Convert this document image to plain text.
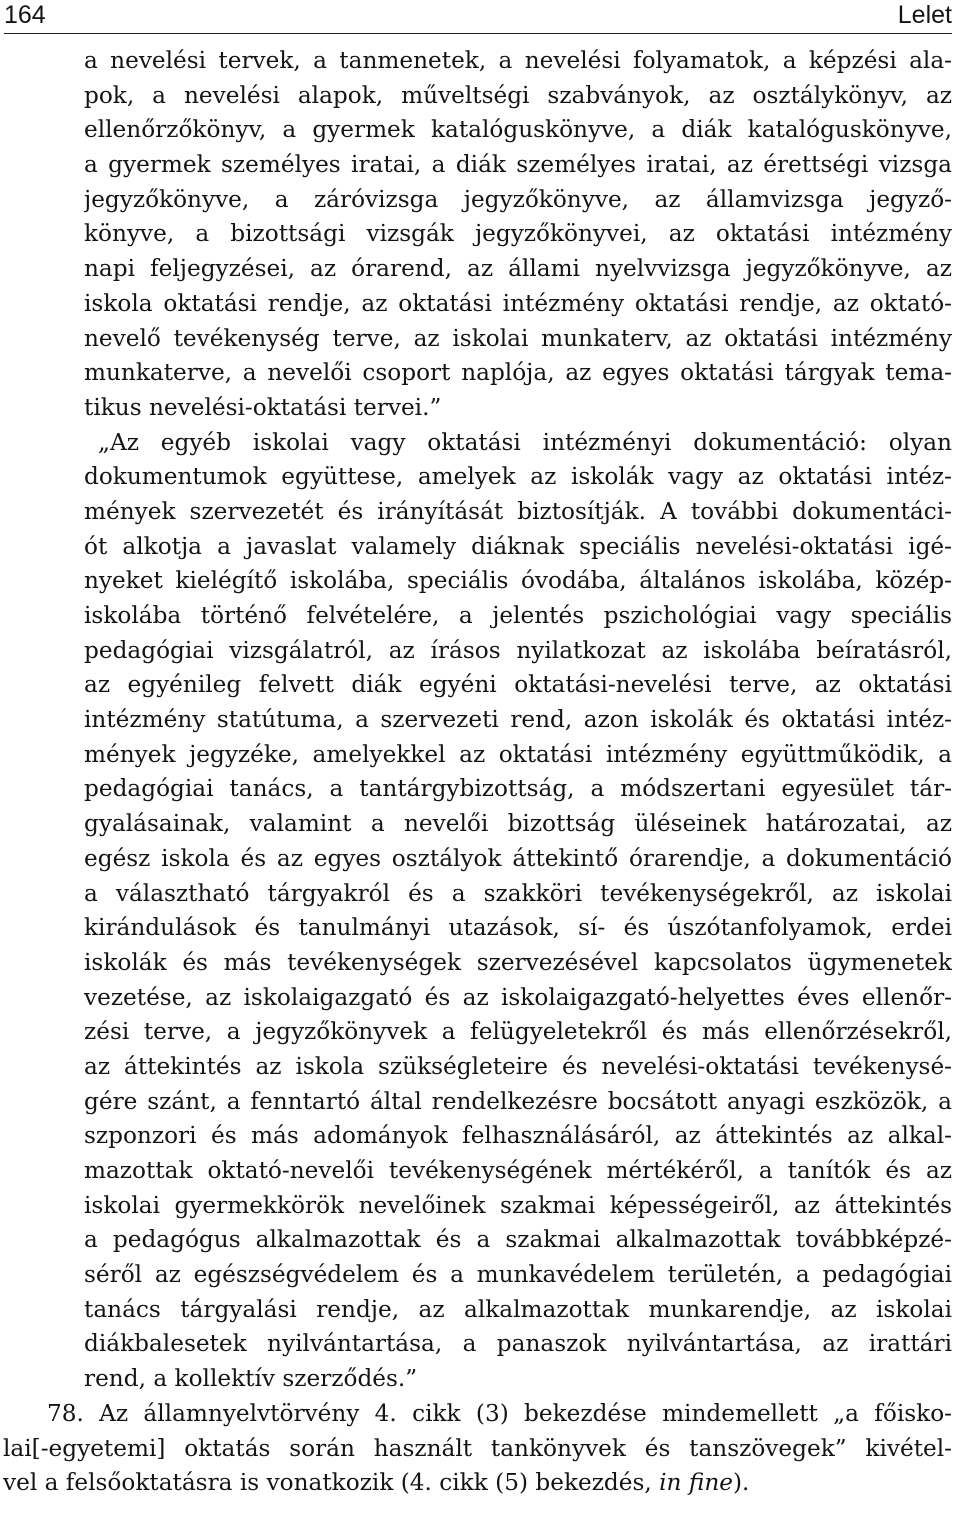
164	Lelet
a nevelési tervek, a tanmenetek, a nevelési folyamatok, a képzési ala-
pok, a nevelési alapok, műveltségi szabványok, az osztálykönyv, az
ellenőrzőkönyv, a gyermek katalóguskönyve, a diák katalóguskönyve,
a gyermek személyes iratai, a diák személyes iratai, az érettségi vizsga
jegyzőkönyve, a záróvizsga jegyzőkönyve, az államvizsga jegyző-
könyve, a bizottsági vizsgák jegyzőkönyvei, az oktatási intézmény
napi feljegyzései, az órarend, az állami nyelvvizsga jegyzőkönyve, az
iskola oktatási rendje, az oktatási intézmény oktatási rendje, az oktató-
nevelő tevékenység terve, az iskolai munkaterv, az oktatási intézmény
munkaterve, a nevelői csoport naplója, az egyes oktatási tárgyak tema-
tikus nevelési-oktatási tervei.”
„Az egyéb iskolai vagy oktatási intézményi dokumentáció: olyan
dokumentumok együttese, amelyek az iskolák vagy az oktatási intéz-
mények szervezetét és irányítását biztosítják. A további dokumentáci-
ót alkotja a javaslat valamely diáknak speciális nevelési-oktatási igé-
nyeket kielégítő iskolába, speciális óvodába, általános iskolába, közép-
iskolába történő felvételére, a jelentés pszichológiai vagy speciális
pedagógiai vizsgálatról, az írásos nyilatkozat az iskolába beíratásról,
az egyénileg felvett diák egyéni oktatási-nevelési terve, az oktatási
intézmény statútuma, a szervezeti rend, azon iskolák és oktatási intéz-
mények jegyzéke, amelyekkel az oktatási intézmény együttműködik, a
pedagógiai tanács, a tantárgybizottság, a módszertani egyesület tár-
gyalásainak, valamint a nevelői bizottság üléseinek határozatai, az
egész iskola és az egyes osztályok áttekintő órarendje, a dokumentáció
a választható tárgyakról és a szakköri tevékenységekről, az iskolai
kirándulások és tanulmányi utazások, sí- és úszótanfolyamok, erdei
iskolák és más tevékenységek szervezésével kapcsolatos ügymenetek
vezetése, az iskolaigazgató és az iskolaigazgató-helyettes éves ellenőr-
zési terve, a jegyzőkönyvek a felügyeletekről és más ellenőrzésekről,
az áttekintés az iskola szükségleteire és nevelési-oktatási tevékenysé-
gére szánt, a fenntartó által rendelkezésre bocsátott anyagi eszközök, a
szponzori és más adományok felhasználásáról, az áttekintés az alkal-
mazottak oktató-nevelői tevékenységének mértékéről, a tanítók és az
iskolai gyermekkörök nevelőinek szakmai képességeiről, az áttekintés
a pedagógus alkalmazottak és a szakmai alkalmazottak továbbképzé-
séről az egészségvédelem és a munkavédelem területén, a pedagógiai
tanács tárgyalási rendje, az alkalmazottak munkarendje, az iskolai
diákbalesetek nyilvántartása, a panaszok nyilvántartása, az irattári
rend, a kollektív szerződés.”
78. Az államnyelvtörvény 4. cikk (3) bekezdése mindemellett „a főisko-
lai[-egyetemi] oktatás során használt tankönyvek és tanszövegek” kivétel-
vel a felsőoktatásra is vonatkozik (4. cikk (5) bekezdés, in fine).
